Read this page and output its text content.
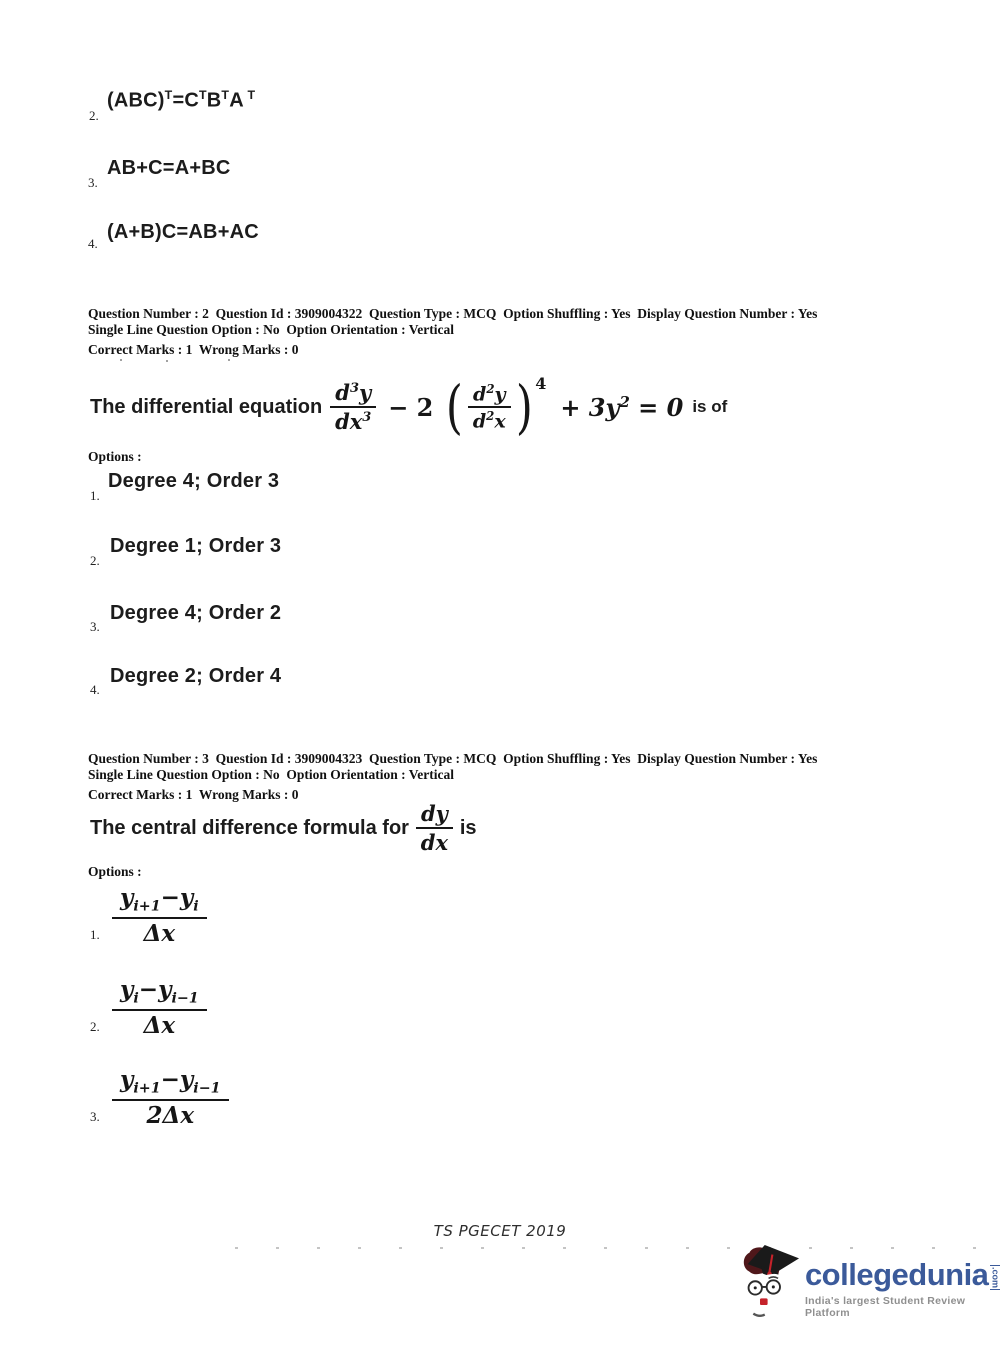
2.
$(ABC)^T=C^TB^TA$ $^T$
3.
AB+C=A+BC
4.
(A+B)C=AB+AC
Question Number : 2  Question Id : 3909004322  Question Type : MCQ  Option Shuffling : Yes  Display Question Number : Yes
Single Line Question Option : No  Option Orientation : Vertical
Correct Marks : 1  Wrong Marks : 0
The differential equation $\frac{d^3y}{dx^3} - 2$ ( $\frac{d^2y}{d^2x}$ ) 4
+ $3y^2 = 0$ is of
Options :
1.
Degree 4; Order 3
2.
Degree 1; Order 3
3.
Degree 4; Order 2
4.
Degree 2; Order 4
Question Number : 3  Question Id : 3909004323  Question Type : MCQ  Option Shuffling : Yes  Display Question Number : Yes
Single Line Question Option : No  Option Orientation : Vertical
Correct Marks : 1  Wrong Marks : 0
The central difference formula for $\frac{dy}{dx}$ is
Options :
1. $\frac{y_{i+1}-y_i}{\Delta x}$
2. $\frac{y_i-y_{i-1}}{\Delta x}$
3. $\frac{y_{i+1}-y_{i-1}}{2\Delta x}$
TS PGECET 2019
collegedunia .com
India's largest Student Review Platform
